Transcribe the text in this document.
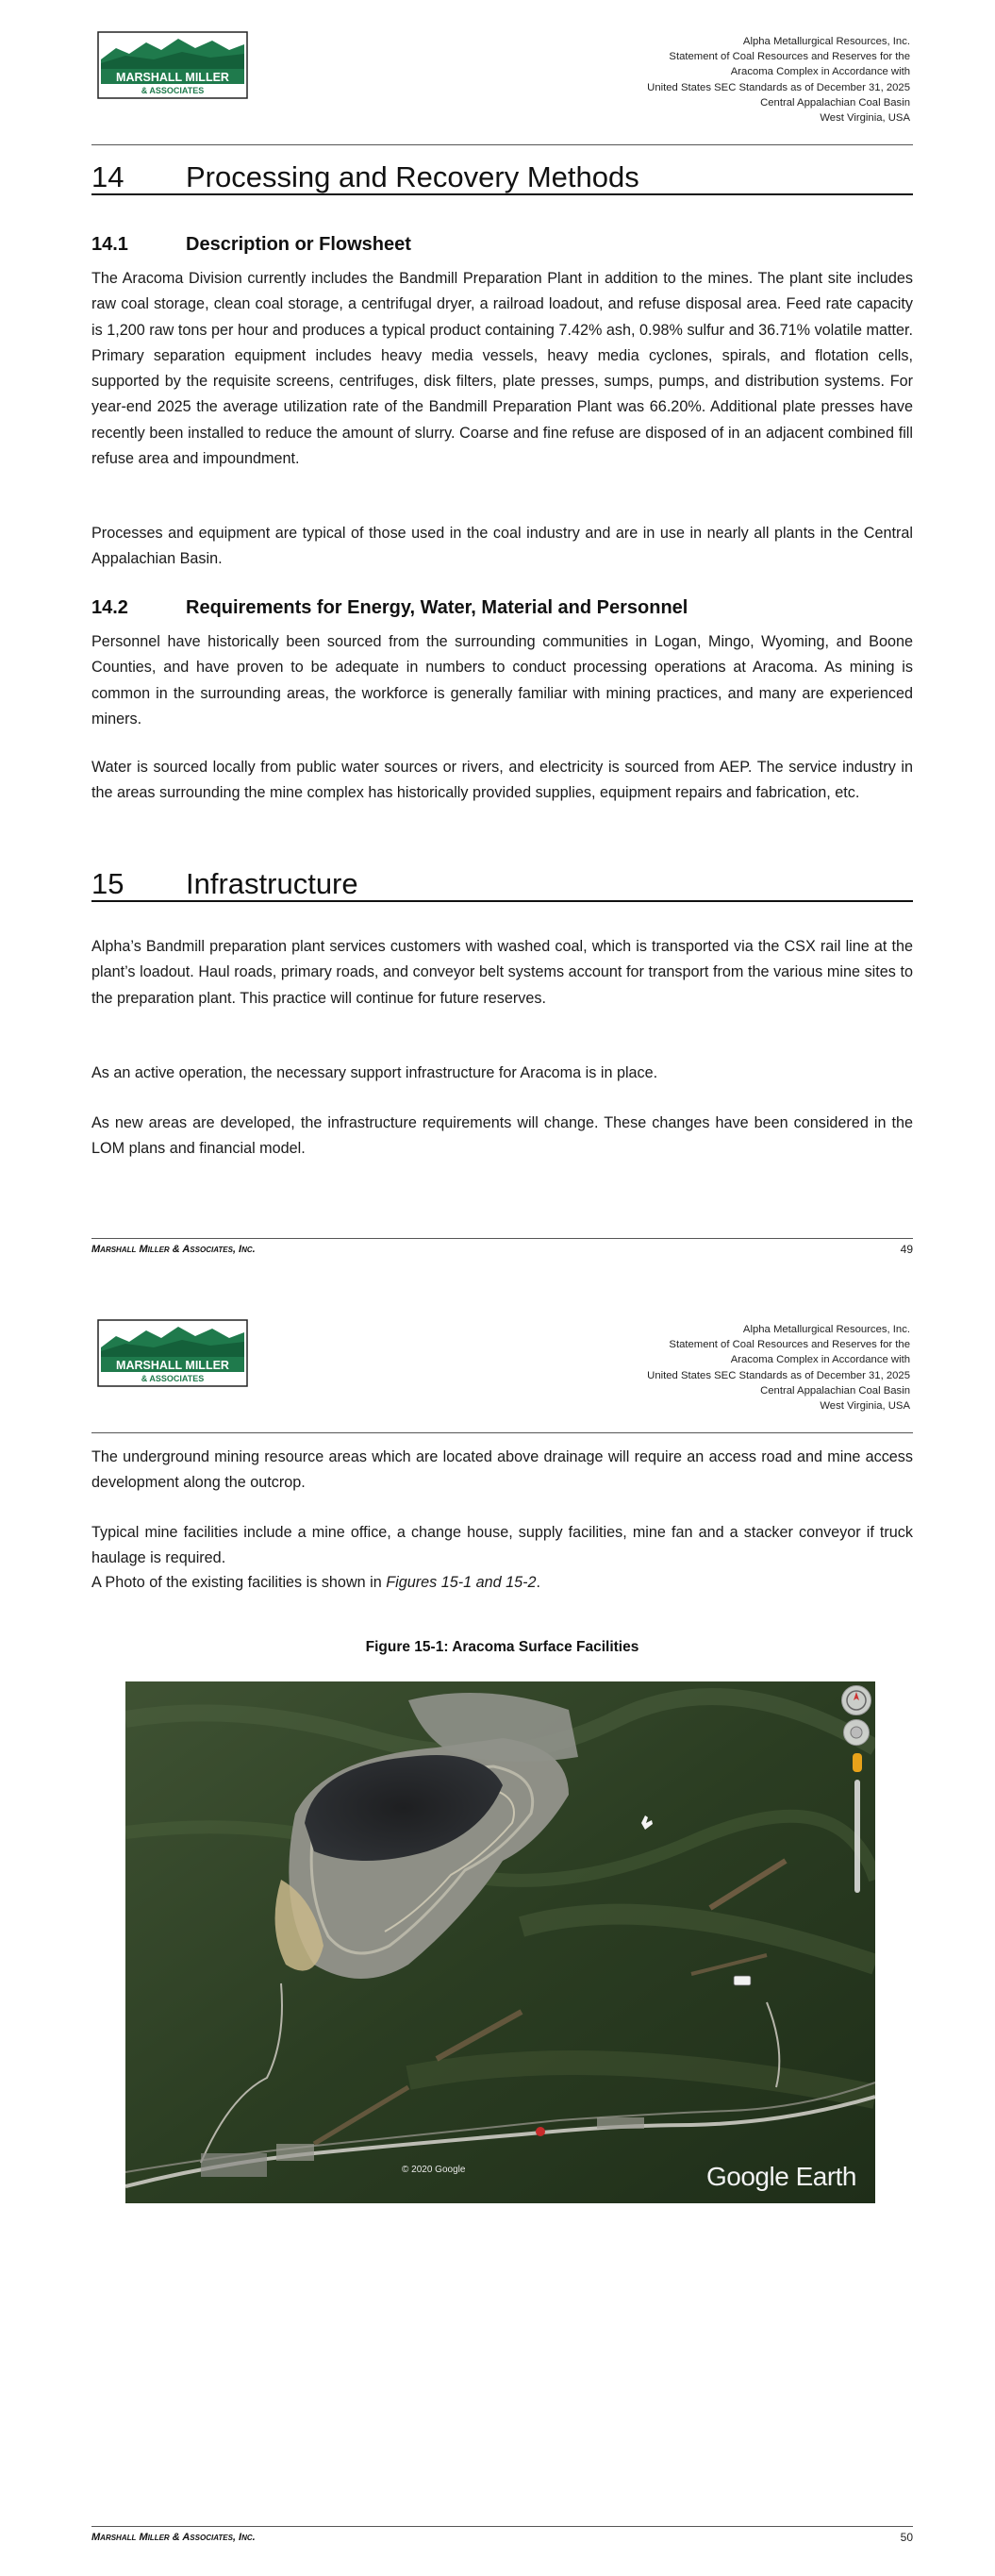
MARSHALL MILLER
& ASSOCIATES
Alpha Metallurgical Resources, Inc.
Statement of Coal Resources and Reserves for the
Aracoma Complex in Accordance with
United States SEC Standards as of December 31, 2025
Central Appalachian Coal Basin
West Virginia, USA
14 Processing and Recovery Methods
14.1	Description or Flowsheet

The Aracoma Division currently includes the Bandmill Preparation Plant in addition to the mines. The plant site includes raw coal storage, clean coal storage, a centrifugal dryer, a railroad loadout, and refuse disposal area. Feed rate capacity is 1,200 raw tons per hour and produces a typical product containing 7.42% ash, 0.98% sulfur and 36.71% volatile matter. Primary separation equipment includes heavy media vessels, heavy media cyclones, spirals, and flotation cells, supported by the requisite screens, centrifuges, disk filters, plate presses, sumps, pumps, and distribution systems. For year-end 2025 the average utilization rate of the Bandmill Preparation Plant was 66.20%. Additional plate presses have recently been installed to reduce the amount of slurry. Coarse and fine refuse are disposed of in an adjacent combined fill refuse area and impoundment.

Processes and equipment are typical of those used in the coal industry and are in use in nearly all plants in the Central Appalachian Basin.

14.2	Requirements for Energy, Water, Material and Personnel

Personnel have historically been sourced from the surrounding communities in Logan, Mingo, Wyoming, and Boone Counties, and have proven to be adequate in numbers to conduct processing operations at Aracoma. As mining is common in the surrounding areas, the workforce is generally familiar with mining practices, and many are experienced miners.

Water is sourced locally from public water sources or rivers, and electricity is sourced from AEP. The service industry in the areas surrounding the mine complex has historically provided supplies, equipment repairs and fabrication, etc.

15 Infrastructure

Alpha’s Bandmill preparation plant services customers with washed coal, which is transported via the CSX rail line at the plant’s loadout. Haul roads, primary roads, and conveyor belt systems account for transport from the various mine sites to the preparation plant. This practice will continue for future reserves.

As an active operation, the necessary support infrastructure for Aracoma is in place.

As new areas are developed, the infrastructure requirements will change. These changes have been considered in the LOM plans and financial model.

Marshall Miller & Associates, Inc.	49
MARSHALL MILLER
& ASSOCIATES
Alpha Metallurgical Resources, Inc.
Statement of Coal Resources and Reserves for the
Aracoma Complex in Accordance with
United States SEC Standards as of December 31, 2025
Central Appalachian Coal Basin
West Virginia, USA

The underground mining resource areas which are located above drainage will require an access road and mine access development along the outcrop.

Typical mine facilities include a mine office, a change house, supply facilities, mine fan and a stacker conveyor if truck haulage is required.

A Photo of the existing facilities is shown in Figures 15-1 and 15-2.

Figure 15-1: Aracoma Surface Facilities
© 2020 Google	Google Earth
Marshall Miller & Associates, Inc.	50
